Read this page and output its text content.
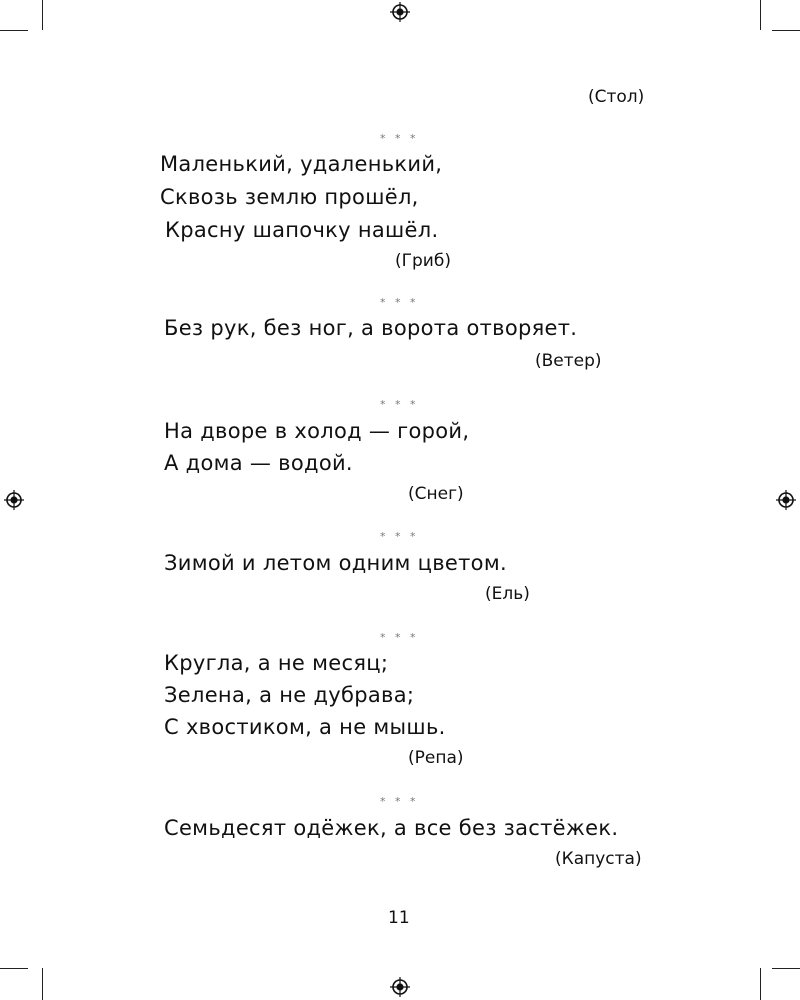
(Стол)
* * *
Маленький, удаленький,
Сквозь землю прошёл,
Красну шапочку нашёл.
(Гриб)
* * *
Без рук, без ног, а ворота отворяет.
(Ветер)
* * *
На дворе в холод — горой,
А дома — водой.
(Снег)
* * *
Зимой и летом одним цветом.
(Ель)
* * *
Кругла, а не месяц;
Зелена, а не дубрава;
С хвостиком, а не мышь.
(Репа)
* * *
Семьдесят одёжек, а все без застёжек.
(Капуста)
11
